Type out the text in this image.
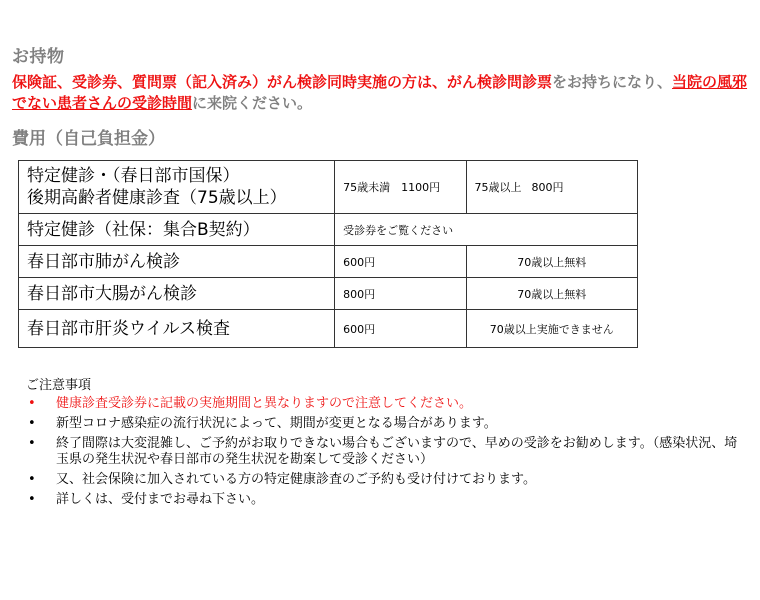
お持物
保険証、受診券、質問票（記入済み）がん検診同時実施の方は、がん検診問診票をお持ちになり、当院の風邪でない患者さんの受診時間に来院ください。
費用（自己負担金）
特定健診・（春日部市国保）
後期高齢者健康診査（75歳以上）	75歳未満　1100円	75歳以上 800円
特定健診（社保：集合B契約）	受診券をご覧ください	
春日部市肺がん検診	600円	70歳以上無料
春日部市大腸がん検診	800円	70歳以上無料
春日部市肝炎ウイルス検査	600円	70歳以上実施できません
ご注意事項
• 健康診査受診券に記載の実施期間と異なりますので注意してください。
• 新型コロナ感染症の流行状況によって、期間が変更となる場合があります。
• 終了間際は大変混雑し、ご予約がお取りできない場合もございますので、早めの受診をお勧めします。（感染状況、埼玉県の発生状況や春日部市の発生状況を勘案して受診ください）
• 又、社会保険に加入されている方の特定健康診査のご予約も受け付けております。
• 詳しくは、受付までお尋ね下さい。
